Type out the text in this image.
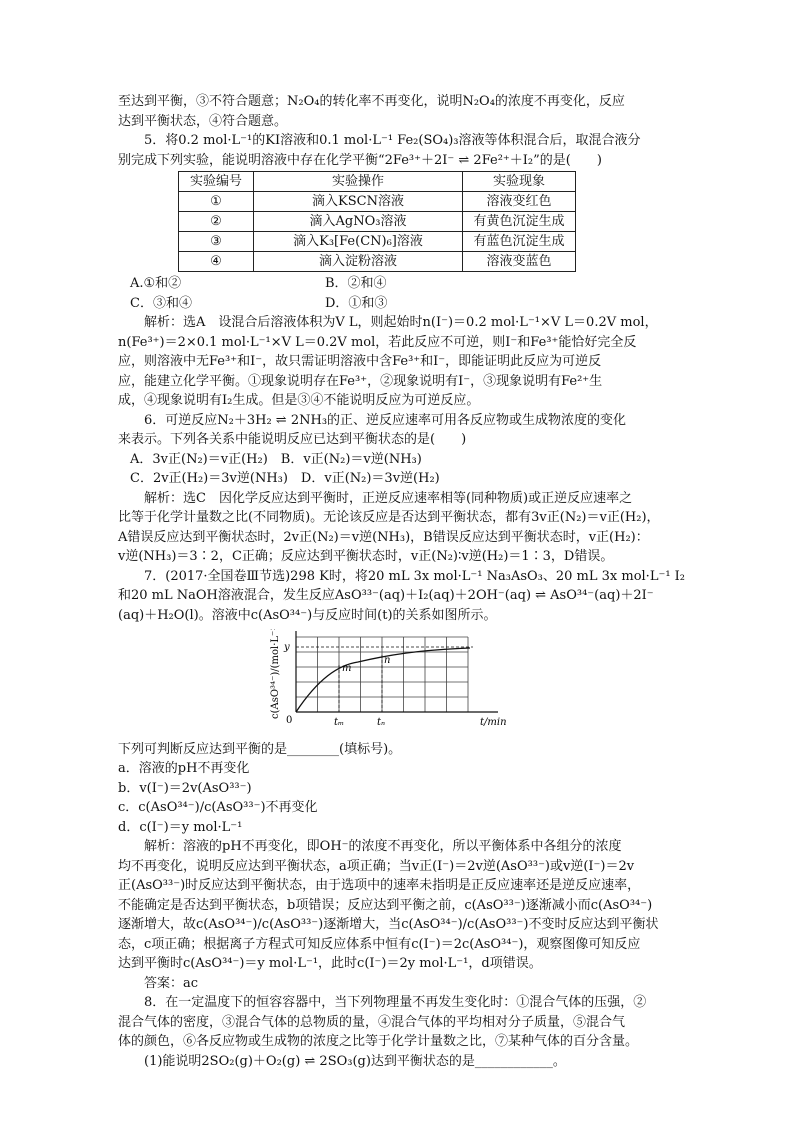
至达到平衡，③不符合题意；N₂O₄的转化率不再变化，说明N₂O₄的浓度不再变化，反应

达到平衡状态，④符合题意。

5．将0.2 mol·L⁻¹的KI溶液和0.1 mol·L⁻¹ Fe₂(SO₄)₃溶液等体积混合后，取混合液分

别完成下列实验，能说明溶液中存在化学平衡“2Fe³⁺＋2I⁻ ⇌ 2Fe²⁺＋I₂”的是(　　)

实验编号	实验操作	实验现象
①	滴入KSCN溶液	溶液变红色
②	滴入AgNO₃溶液	有黄色沉淀生成
③	滴入K₃[Fe(CN)₆]溶液	有蓝色沉淀生成
④	滴入淀粉溶液	溶液变蓝色
A.①和②	B．②和④
C．③和④	D．①和③

解析：选A　设混合后溶液体积为V L，则起始时n(I⁻)＝0.2 mol·L⁻¹×V L＝0.2V mol，

n(Fe³⁺)＝2×0.1 mol·L⁻¹×V L＝0.2V mol，若此反应不可逆，则I⁻和Fe³⁺能恰好完全反

应，则溶液中无Fe³⁺和I⁻，故只需证明溶液中含Fe³⁺和I⁻，即能证明此反应为可逆反

应，能建立化学平衡。①现象说明存在Fe³⁺，②现象说明有I⁻，③现象说明有Fe²⁺生

成，④现象说明有I₂生成。但是③④不能说明反应为可逆反应。

6．可逆反应N₂＋3H₂ ⇌ 2NH₃的正、逆反应速率可用各反应物或生成物浓度的变化

来表示。下列各关系中能说明反应已达到平衡状态的是(　　)

A．3v正(N₂)＝v正(H₂)　B．v正(N₂)＝v逆(NH₃)

C．2v正(H₂)＝3v逆(NH₃)　D．v正(N₂)＝3v逆(H₂)

解析：选C　因化学反应达到平衡时，正逆反应速率相等(同种物质)或正逆反应速率之

比等于化学计量数之比(不同物质)。无论该反应是否达到平衡状态，都有3v正(N₂)＝v正(H₂)，

A错误反应达到平衡状态时，2v正(N₂)＝v逆(NH₃)，B错误反应达到平衡状态时，v正(H₂)：

v逆(NH₃)＝3∶2，C正确；反应达到平衡状态时，v正(N₂)∶v逆(H₂)＝1∶3，D错误。

7．(2017·全国卷Ⅲ节选)298 K时，将20 mL 3x mol·L⁻¹ Na₃AsO₃、20 mL 3x mol·L⁻¹ I₂

和20 mL NaOH溶液混合，发生反应AsO³³⁻(aq)＋I₂(aq)＋2OH⁻(aq) ⇌ AsO³⁴⁻(aq)＋2I⁻

(aq)＋H₂O(l)。溶液中c(AsO³⁴⁻)与反应时间(t)的关系如图所示。

c(AsO³⁴⁻)/(mol·L⁻¹) y
0	tₘ	tₙ
m
n
t/min

下列可判断反应达到平衡的是________(填标号)。

a．溶液的pH不再变化

b．v(I⁻)＝2v(AsO³³⁻)

c．c(AsO³⁴⁻)/c(AsO³³⁻)不再变化

d．c(I⁻)＝y mol·L⁻¹

解析：溶液的pH不再变化，即OH⁻的浓度不再变化，所以平衡体系中各组分的浓度

均不再变化，说明反应达到平衡状态，a项正确；当v正(I⁻)＝2v逆(AsO³³⁻)或v逆(I⁻)＝2v

正(AsO³³⁻)时反应达到平衡状态，由于选项中的速率未指明是正反应速率还是逆反应速率，

不能确定是否达到平衡状态，b项错误；反应达到平衡之前，c(AsO³³⁻)逐渐减小而c(AsO³⁴⁻)

逐渐增大，故c(AsO³⁴⁻)/c(AsO³³⁻)逐渐增大，当c(AsO³⁴⁻)/c(AsO³³⁻)不变时反应达到平衡状

态，c项正确；根据离子方程式可知反应体系中恒有c(I⁻)＝2c(AsO³⁴⁻)，观察图像可知反应

达到平衡时c(AsO³⁴⁻)＝y mol·L⁻¹，此时c(I⁻)＝2y mol·L⁻¹，d项错误。

答案：ac

8．在一定温度下的恒容容器中，当下列物理量不再发生变化时：①混合气体的压强，②

混合气体的密度，③混合气体的总物质的量，④混合气体的平均相对分子质量，⑤混合气

体的颜色，⑥各反应物或生成物的浓度之比等于化学计量数之比，⑦某种气体的百分含量。

(1)能说明2SO₂(g)＋O₂(g) ⇌ 2SO₃(g)达到平衡状态的是____________。
